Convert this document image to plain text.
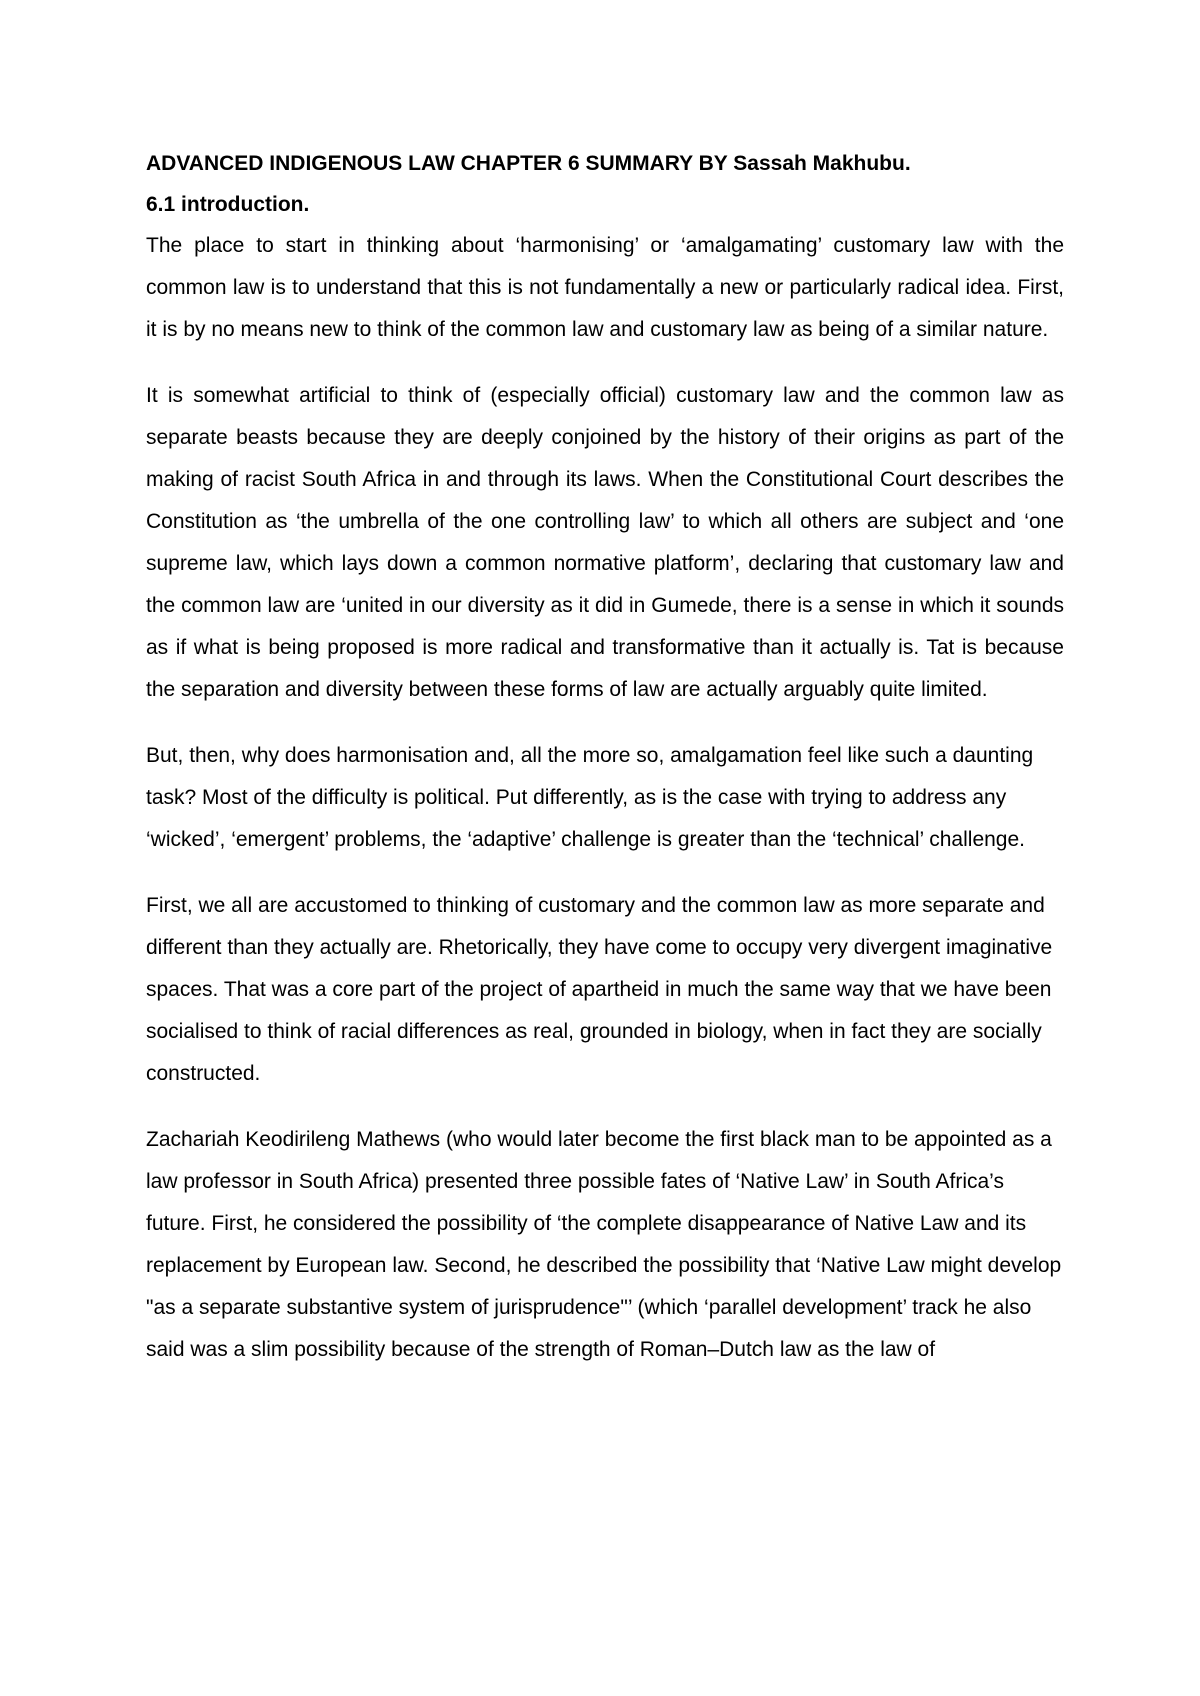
ADVANCED INDIGENOUS LAW CHAPTER 6 SUMMARY BY Sassah Makhubu.

6.1 introduction.

The place to start in thinking about ‘harmonising’ or ‘amalgamating’ customary law with the common law is to understand that this is not fundamentally a new or particularly radical idea. First, it is by no means new to think of the common law and customary law as being of a similar nature.

It is somewhat artificial to think of (especially official) customary law and the common law as separate beasts because they are deeply conjoined by the history of their origins as part of the making of racist South Africa in and through its laws. When the Constitutional Court describes the Constitution as ‘the umbrella of the one controlling law’ to which all others are subject and ‘one supreme law, which lays down a common normative platform’, declaring that customary law and the common law are ‘united in our diversity as it did in Gumede, there is a sense in which it sounds as if what is being proposed is more radical and transformative than it actually is. Tat is because the separation and diversity between these forms of law are actually arguably quite limited.

But, then, why does harmonisation and, all the more so, amalgamation feel like such a daunting task? Most of the difficulty is political. Put differently, as is the case with trying to address any ‘wicked’, ‘emergent’ problems, the ‘adaptive’ challenge is greater than the ‘technical’ challenge.

First, we all are accustomed to thinking of customary and the common law as more separate and different than they actually are. Rhetorically, they have come to occupy very divergent imaginative spaces. That was a core part of the project of apartheid in much the same way that we have been socialised to think of racial differences as real, grounded in biology, when in fact they are socially constructed.

Zachariah Keodirileng Mathews (who would later become the first black man to be appointed as a law professor in South Africa) presented three possible fates of ‘Native Law’ in South Africa’s future. First, he considered the possibility of ‘the complete disappearance of Native Law and its replacement by European law. Second, he described the possibility that ‘Native Law might develop "as a separate substantive system of jurisprudence"’ (which ‘parallel development’ track he also said was a slim possibility because of the strength of Roman–Dutch law as the law of
